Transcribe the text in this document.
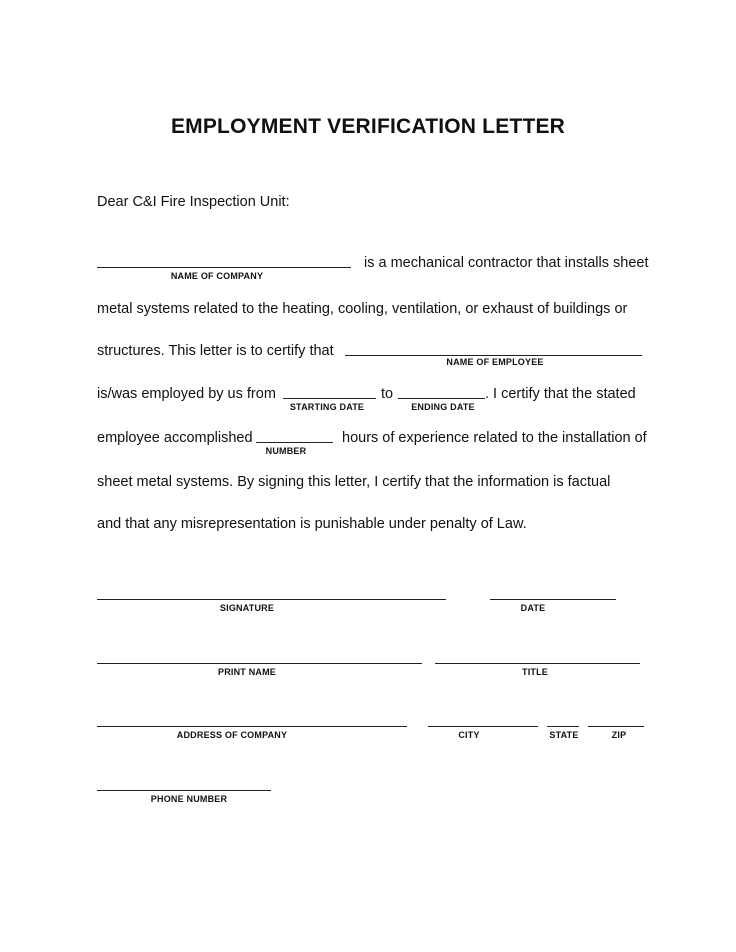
EMPLOYMENT VERIFICATION LETTER
Dear C&I Fire Inspection Unit:
is a mechanical contractor that installs sheet
NAME OF COMPANY
metal systems related to the heating, cooling, ventilation, or exhaust of buildings or
structures. This letter is to certify that
NAME OF EMPLOYEE
is/was employed by us from	to	. I certify that the stated
STARTING DATE	ENDING DATE
employee accomplished	hours of experience related to the installation of
NUMBER
sheet metal systems. By signing this letter, I certify that the information is factual
and that any misrepresentation is punishable under penalty of Law.
SIGNATURE	DATE
PRINT NAME	TITLE
ADDRESS OF COMPANY	CITY	STATE	ZIP
PHONE NUMBER
